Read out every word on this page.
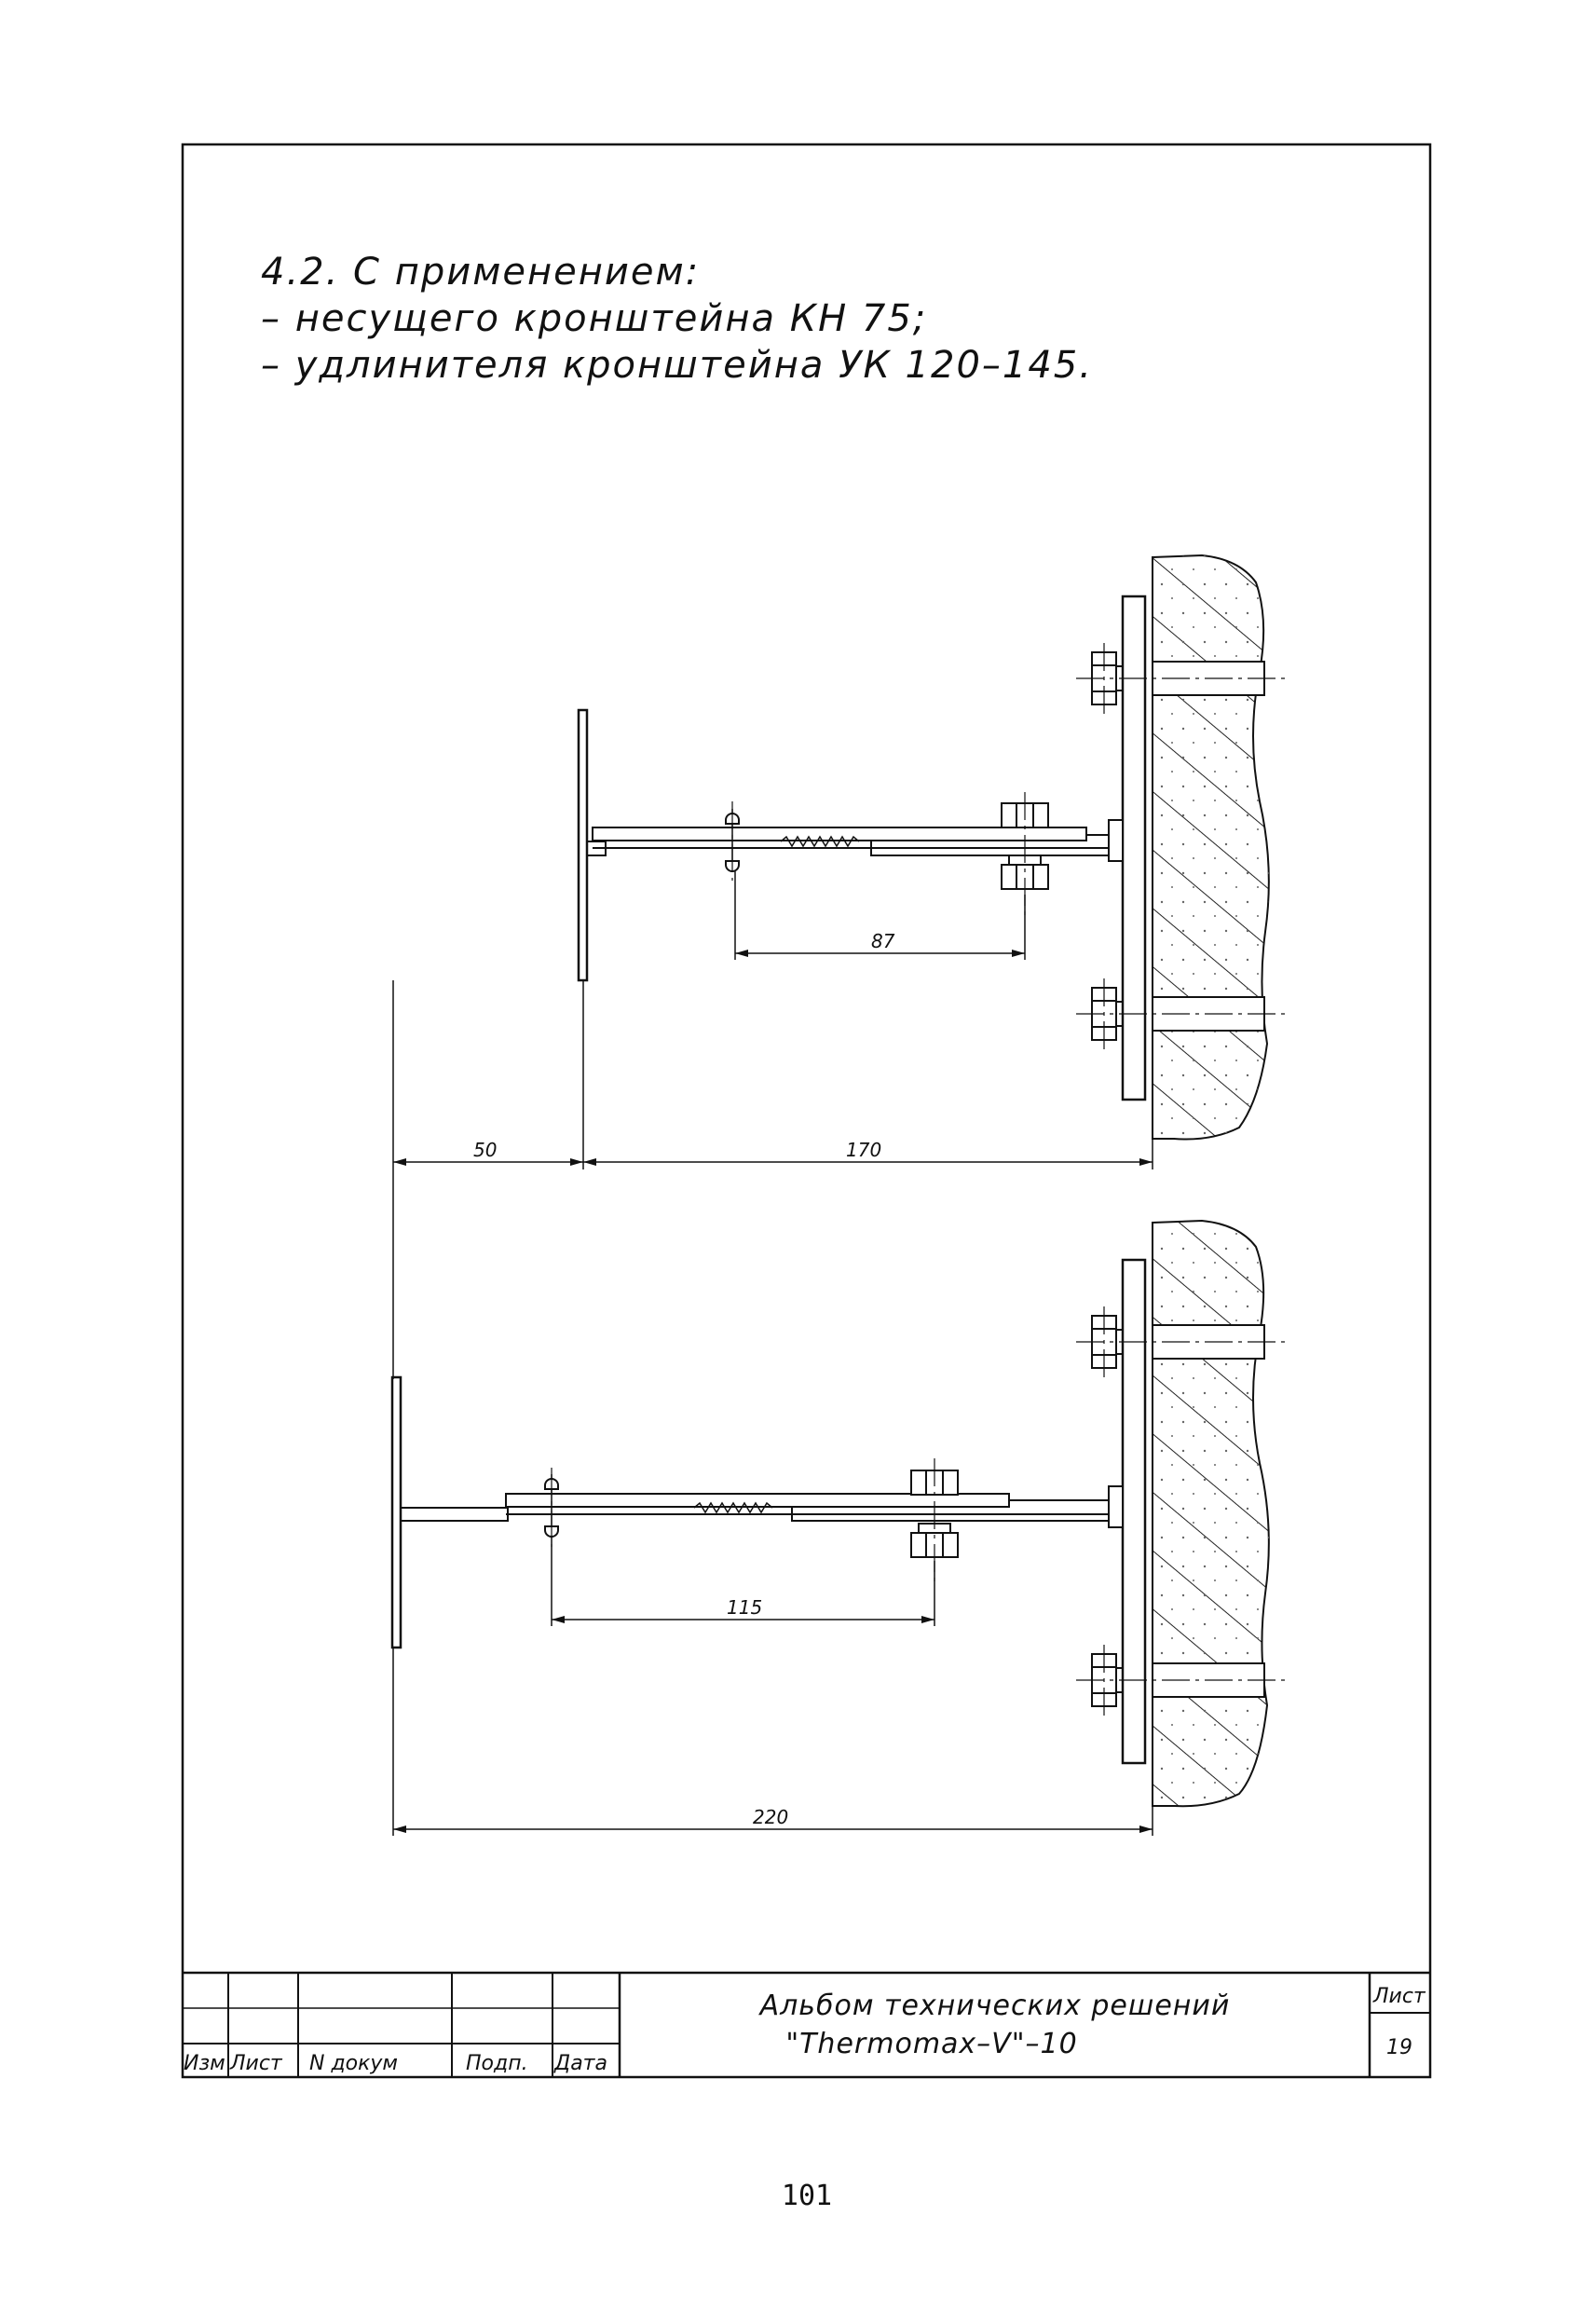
4.2. С применением:
– несущего кронштейна КН 75;
– удлинителя кронштейна УК 120–145.
87
50	170
115
220
Изм Лист N докум	Подп. Дата
Альбом технических решений
"Thermomax–V"–10
Лист
19
101
